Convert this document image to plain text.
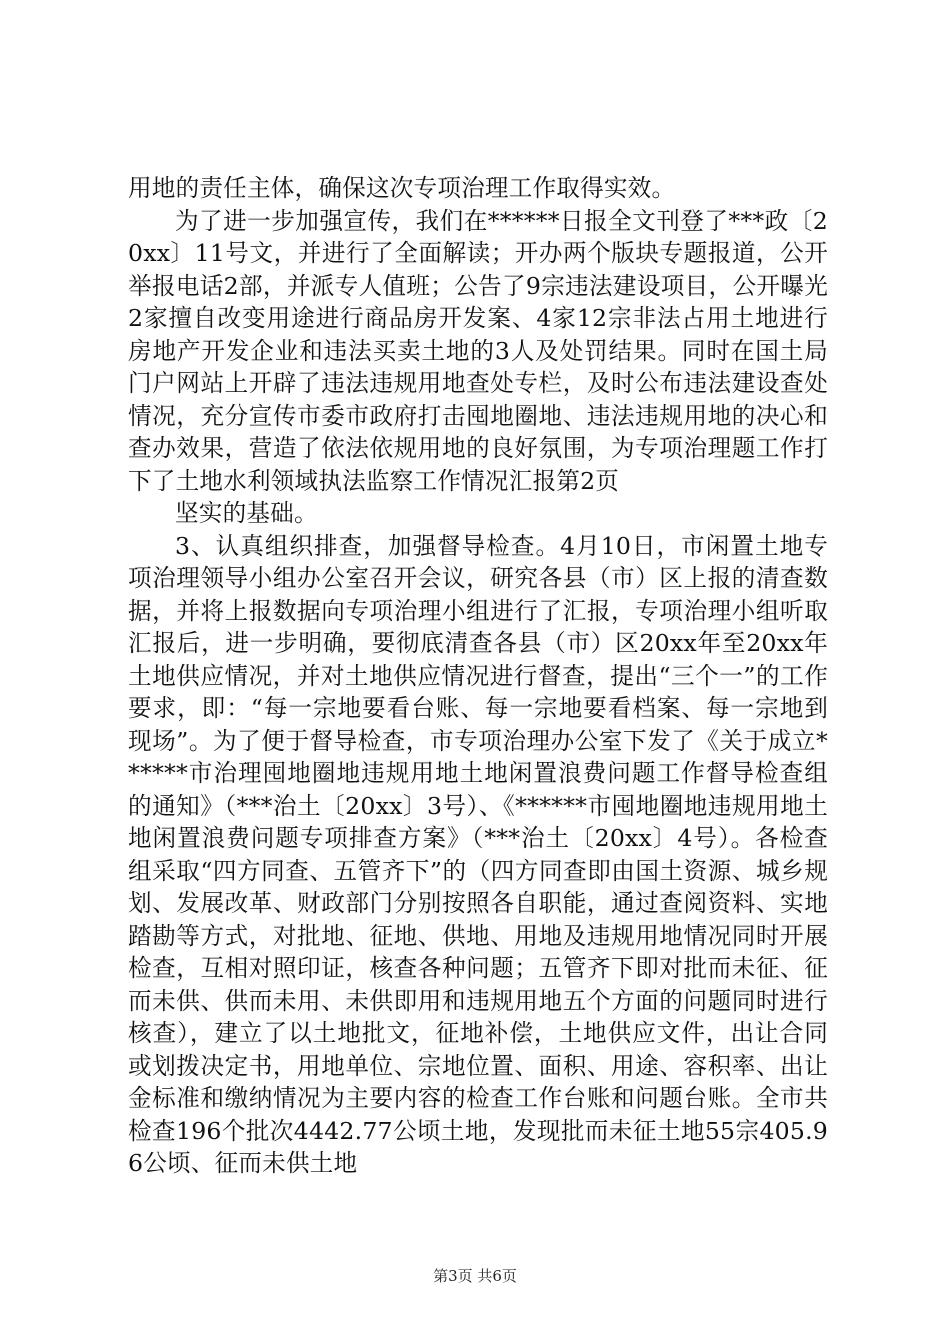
用地的责任主体，确保这次专项治理工作取得实效。

为了进一步加强宣传，我们在******日报全文刊登了***政〔20xx〕11号文，并进行了全面解读；开办两个版块专题报道，公开举报电话2部，并派专人值班；公告了9宗违法建设项目，公开曝光2家擅自改变用途进行商品房开发案、4家12宗非法占用土地进行房地产开发企业和违法买卖土地的3人及处罚结果。同时在国土局门户网站上开辟了违法违规用地查处专栏，及时公布违法建设查处情况，充分宣传市委市政府打击囤地圈地、违法违规用地的决心和查办效果，营造了依法依规用地的良好氛围，为专项治理题工作打下了土地水利领域执法监察工作情况汇报第2页

坚实的基础。

3、认真组织排查，加强督导检查。4月10日，市闲置土地专项治理领导小组办公室召开会议，研究各县（市）区上报的清查数据，并将上报数据向专项治理小组进行了汇报，专项治理小组听取汇报后，进一步明确，要彻底清查各县（市）区20xx年至20xx年土地供应情况，并对土地供应情况进行督查，提出“三个一”的工作要求，即：“每一宗地要看台账、每一宗地要看档案、每一宗地到现场”。为了便于督导检查，市专项治理办公室下发了《关于成立******市治理囤地圈地违规用地土地闲置浪费问题工作督导检查组的通知》（***治土〔20xx〕3号）、《******市囤地圈地违规用地土地闲置浪费问题专项排查方案》（***治土〔20xx〕4号）。各检查组采取“四方同查、五管齐下”的（四方同查即由国土资源、城乡规划、发展改革、财政部门分别按照各自职能，通过查阅资料、实地踏勘等方式，对批地、征地、供地、用地及违规用地情况同时开展检查，互相对照印证，核查各种问题；五管齐下即对批而未征、征而未供、供而未用、未供即用和违规用地五个方面的问题同时进行核查），建立了以土地批文，征地补偿，土地供应文件，出让合同或划拨决定书，用地单位、宗地位置、面积、用途、容积率、出让金标准和缴纳情况为主要内容的检查工作台账和问题台账。全市共检查196个批次4442.77公顷土地，发现批而未征土地55宗405.96公顷、征而未供土地

第3页 共6页
